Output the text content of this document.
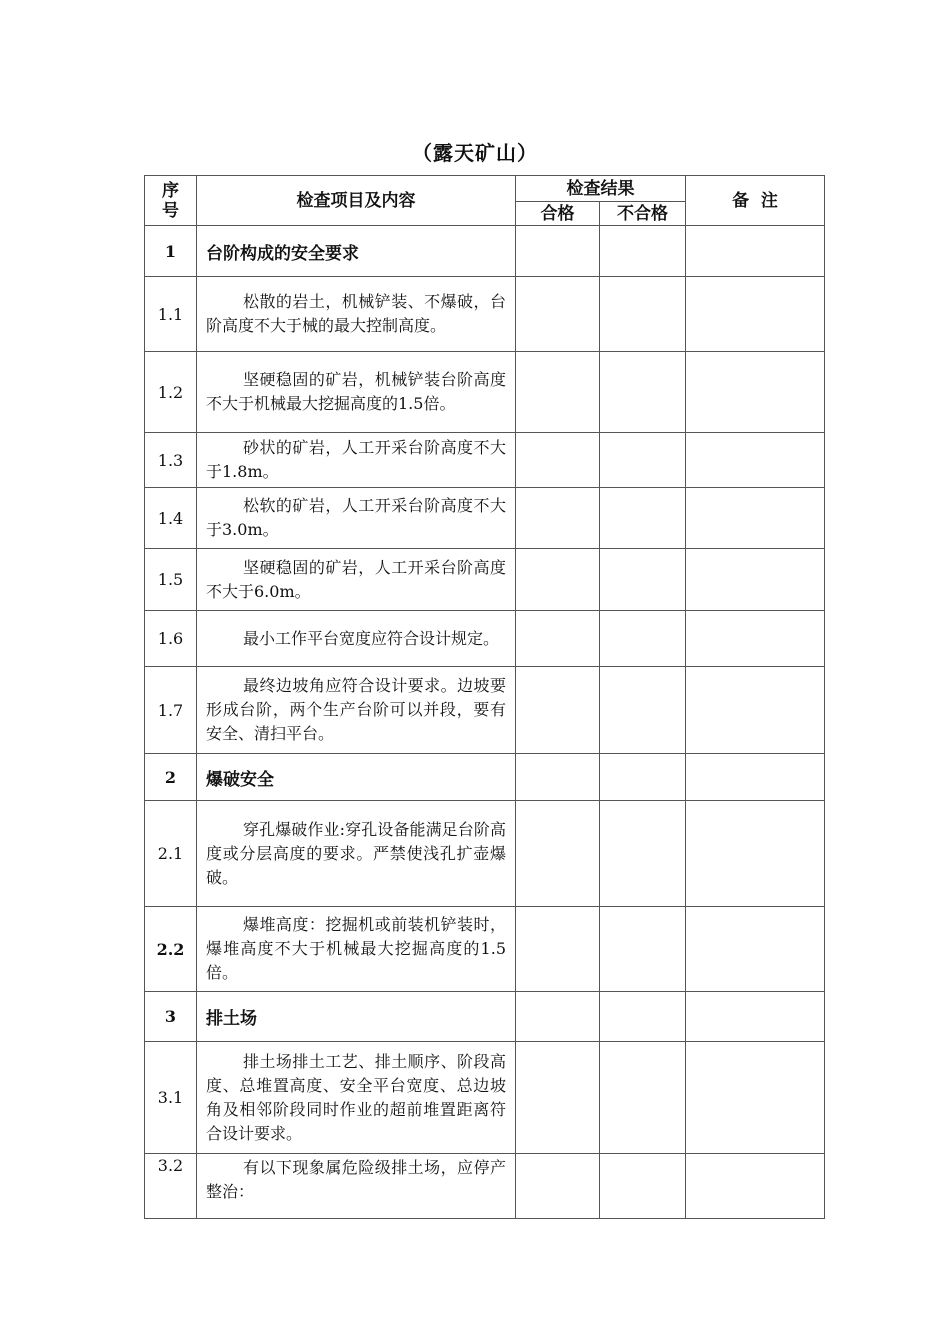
（露天矿山）
序号	检查项目及内容	检查结果		备  注
		合格	不合格	
1	台阶构成的安全要求			
1.1	松散的岩土，机械铲装、不爆破，台阶高度不大于械的最大控制高度。			
1.2	坚硬稳固的矿岩，机械铲装台阶高度不大于机械最大挖掘高度的1.5倍。			
1.3	砂状的矿岩，人工开采台阶高度不大于1.8m。			
1.4	松软的矿岩，人工开采台阶高度不大于3.0m。			
1.5	坚硬稳固的矿岩，人工开采台阶高度不大于6.0m。			
1.6	最小工作平台宽度应符合设计规定。			
1.7	最终边坡角应符合设计要求。边坡要形成台阶，两个生产台阶可以并段，要有安全、清扫平台。			
2	爆破安全			
2.1	穿孔爆破作业:穿孔设备能满足台阶高度或分层高度的要求。严禁使浅孔扩壶爆破。			
2.2	爆堆高度：挖掘机或前装机铲装时，爆堆高度不大于机械最大挖掘高度的1.5倍。			
3	排土场			
3.1	排土场排土工艺、排土顺序、阶段高度、总堆置高度、安全平台宽度、总边坡角及相邻阶段同时作业的超前堆置距离符合设计要求。			
3.2	有以下现象属危险级排土场，应停产整治：			
